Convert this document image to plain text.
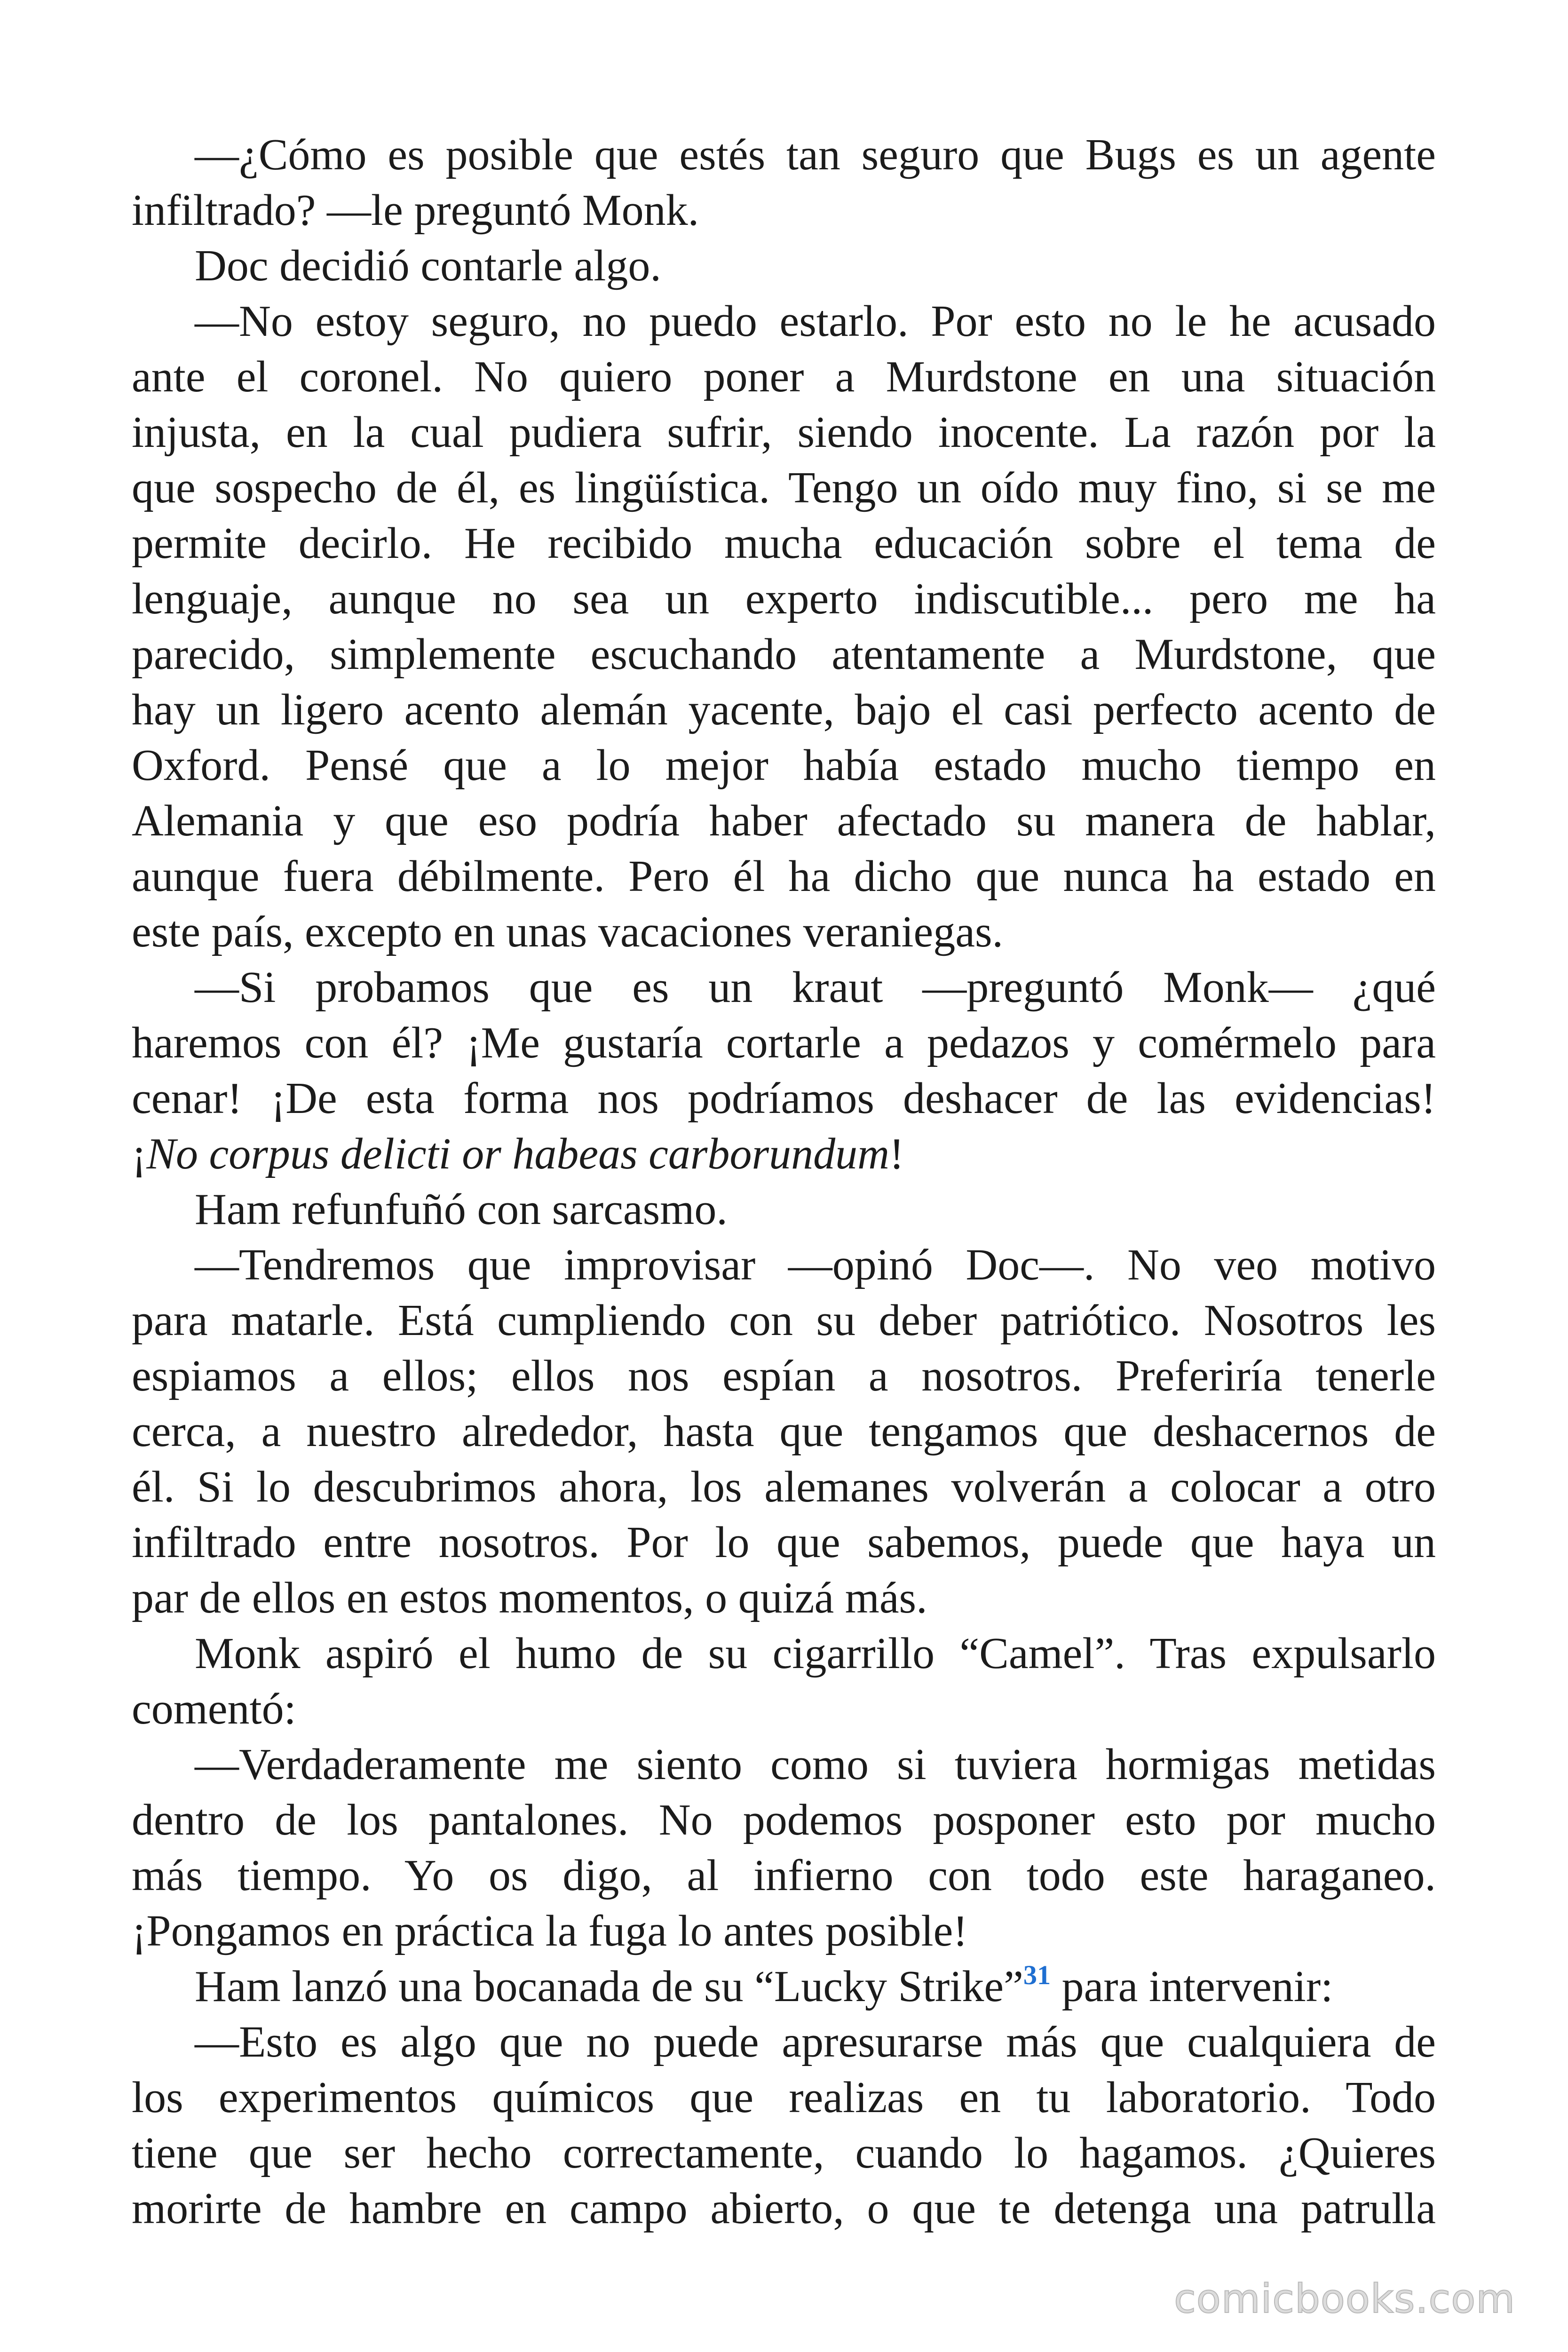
—¿Cómo es posible que estés tan seguro que Bugs es un agente
infiltrado? —le preguntó Monk.
Doc decidió contarle algo.
—No estoy seguro, no puedo estarlo. Por esto no le he acusado
ante el coronel. No quiero poner a Murdstone en una situación
injusta, en la cual pudiera sufrir, siendo inocente. La razón por la
que sospecho de él, es lingüística. Tengo un oído muy fino, si se me
permite decirlo. He recibido mucha educación sobre el tema de
lenguaje, aunque no sea un experto indiscutible... pero me ha
parecido, simplemente escuchando atentamente a Murdstone, que
hay un ligero acento alemán yacente, bajo el casi perfecto acento de
Oxford. Pensé que a lo mejor había estado mucho tiempo en
Alemania y que eso podría haber afectado su manera de hablar,
aunque fuera débilmente. Pero él ha dicho que nunca ha estado en
este país, excepto en unas vacaciones veraniegas.
—Si probamos que es un kraut —preguntó Monk— ¿qué
haremos con él? ¡Me gustaría cortarle a pedazos y comérmelo para
cenar! ¡De esta forma nos podríamos deshacer de las evidencias!
¡No corpus delicti or habeas carborundum!
Ham refunfuñó con sarcasmo.
—Tendremos que improvisar —opinó Doc—. No veo motivo
para matarle. Está cumpliendo con su deber patriótico. Nosotros les
espiamos a ellos; ellos nos espían a nosotros. Preferiría tenerle
cerca, a nuestro alrededor, hasta que tengamos que deshacernos de
él. Si lo descubrimos ahora, los alemanes volverán a colocar a otro
infiltrado entre nosotros. Por lo que sabemos, puede que haya un
par de ellos en estos momentos, o quizá más.
Monk aspiró el humo de su cigarrillo “Camel”. Tras expulsarlo
comentó:
—Verdaderamente me siento como si tuviera hormigas metidas
dentro de los pantalones. No podemos posponer esto por mucho
más tiempo. Yo os digo, al infierno con todo este haraganeo.
¡Pongamos en práctica la fuga lo antes posible!
Ham lanzó una bocanada de su “Lucky Strike”$^{31}$ para intervenir:
—Esto es algo que no puede apresurarse más que cualquiera de
los experimentos químicos que realizas en tu laboratorio. Todo
tiene que ser hecho correctamente, cuando lo hagamos. ¿Quieres
morirte de hambre en campo abierto, o que te detenga una patrulla
comicbooks.com
